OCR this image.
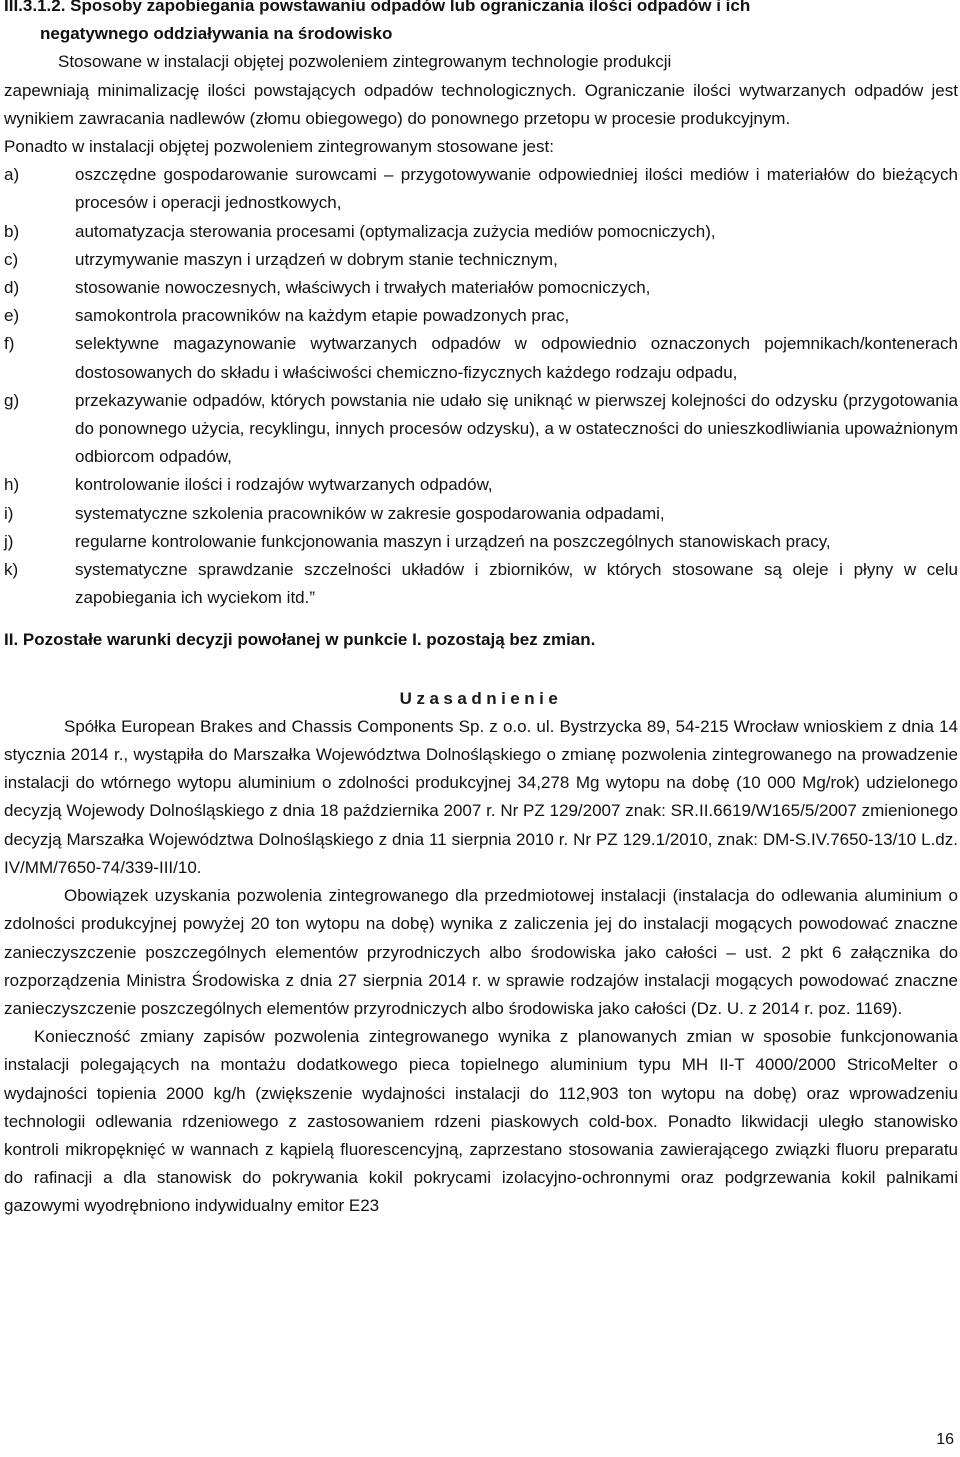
III.3.1.2. Sposoby zapobiegania powstawaniu odpadów lub ograniczania ilości odpadów i ich
negatywnego oddziaływania na środowisko
Stosowane w instalacji objętej pozwoleniem zintegrowanym technologie produkcji
zapewniają minimalizację ilości powstających odpadów technologicznych. Ograniczanie ilości wytwarzanych odpadów jest wynikiem zawracania nadlewów (złomu obiegowego) do ponownego przetopu w procesie produkcyjnym.
Ponadto w instalacji objętej pozwoleniem zintegrowanym stosowane jest:
a)	oszczędne gospodarowanie surowcami – przygotowywanie odpowiedniej ilości mediów i materiałów do bieżących procesów i operacji jednostkowych,
b)	automatyzacja sterowania procesami (optymalizacja zużycia mediów pomocniczych),
c)	utrzymywanie maszyn i urządzeń w dobrym stanie technicznym,
d)	stosowanie nowoczesnych, właściwych i trwałych materiałów pomocniczych,
e)	samokontrola pracowników na każdym etapie powadzonych prac,
f)	selektywne magazynowanie wytwarzanych odpadów w odpowiednio oznaczonych pojemnikach/kontenerach dostosowanych do składu i właściwości chemiczno-fizycznych każdego rodzaju odpadu,
g)	przekazywanie odpadów, których powstania nie udało się uniknąć w pierwszej kolejności do odzysku (przygotowania do ponownego użycia, recyklingu, innych procesów odzysku), a w ostateczności do unieszkodliwiania upoważnionym odbiorcom odpadów,
h)	kontrolowanie ilości i rodzajów wytwarzanych odpadów,
i)	systematyczne szkolenia pracowników w zakresie gospodarowania odpadami,
j)	regularne kontrolowanie funkcjonowania maszyn i urządzeń na poszczególnych stanowiskach pracy,
k)	systematyczne sprawdzanie szczelności układów i zbiorników, w których stosowane są oleje i płyny w celu zapobiegania ich wyciekom itd.”
II. Pozostałe warunki decyzji powołanej w punkcie I. pozostają bez zmian.
Uzasadnienie
Spółka European Brakes and Chassis Components Sp. z o.o. ul. Bystrzycka 89, 54-215 Wrocław wnioskiem z dnia 14 stycznia 2014 r., wystąpiła do Marszałka Województwa Dolnośląskiego o zmianę pozwolenia zintegrowanego na prowadzenie instalacji do wtórnego wytopu aluminium o zdolności produkcyjnej 34,278 Mg wytopu na dobę (10 000 Mg/rok) udzielonego decyzją Wojewody Dolnośląskiego z dnia 18 października 2007 r. Nr PZ 129/2007 znak: SR.II.6619/W165/5/2007 zmienionego decyzją Marszałka Województwa Dolnośląskiego z dnia 11 sierpnia 2010 r. Nr PZ 129.1/2010, znak: DM-S.IV.7650-13/10 L.dz. IV/MM/7650-74/339-III/10.
Obowiązek uzyskania pozwolenia zintegrowanego dla przedmiotowej instalacji (instalacja do odlewania aluminium o zdolności produkcyjnej powyżej 20 ton wytopu na dobę) wynika z zaliczenia jej do instalacji mogących powodować znaczne zanieczyszczenie poszczególnych elementów przyrodniczych albo środowiska jako całości – ust. 2 pkt 6 załącznika do rozporządzenia Ministra Środowiska z dnia 27 sierpnia 2014 r. w sprawie rodzajów instalacji mogących powodować znaczne zanieczyszczenie poszczególnych elementów przyrodniczych albo środowiska jako całości (Dz. U. z 2014 r. poz. 1169).
Konieczność zmiany zapisów pozwolenia zintegrowanego wynika z planowanych zmian w sposobie funkcjonowania instalacji polegających na montażu dodatkowego pieca topielnego aluminium typu MH II-T 4000/2000 StricoMelter o wydajności topienia 2000 kg/h (zwiększenie wydajności instalacji do 112,903 ton wytopu na dobę) oraz wprowadzeniu technologii odlewania rdzeniowego z zastosowaniem rdzeni piaskowych cold-box. Ponadto likwidacji uległo stanowisko kontroli mikropęknięć w wannach z kąpielą fluorescencyjną, zaprzestano stosowania zawierającego związki fluoru preparatu do rafinacji a dla stanowisk do pokrywania kokil pokrycami izolacyjno-ochronnymi oraz podgrzewania kokil palnikami gazowymi wyodrębniono indywidualny emitor E23
16
